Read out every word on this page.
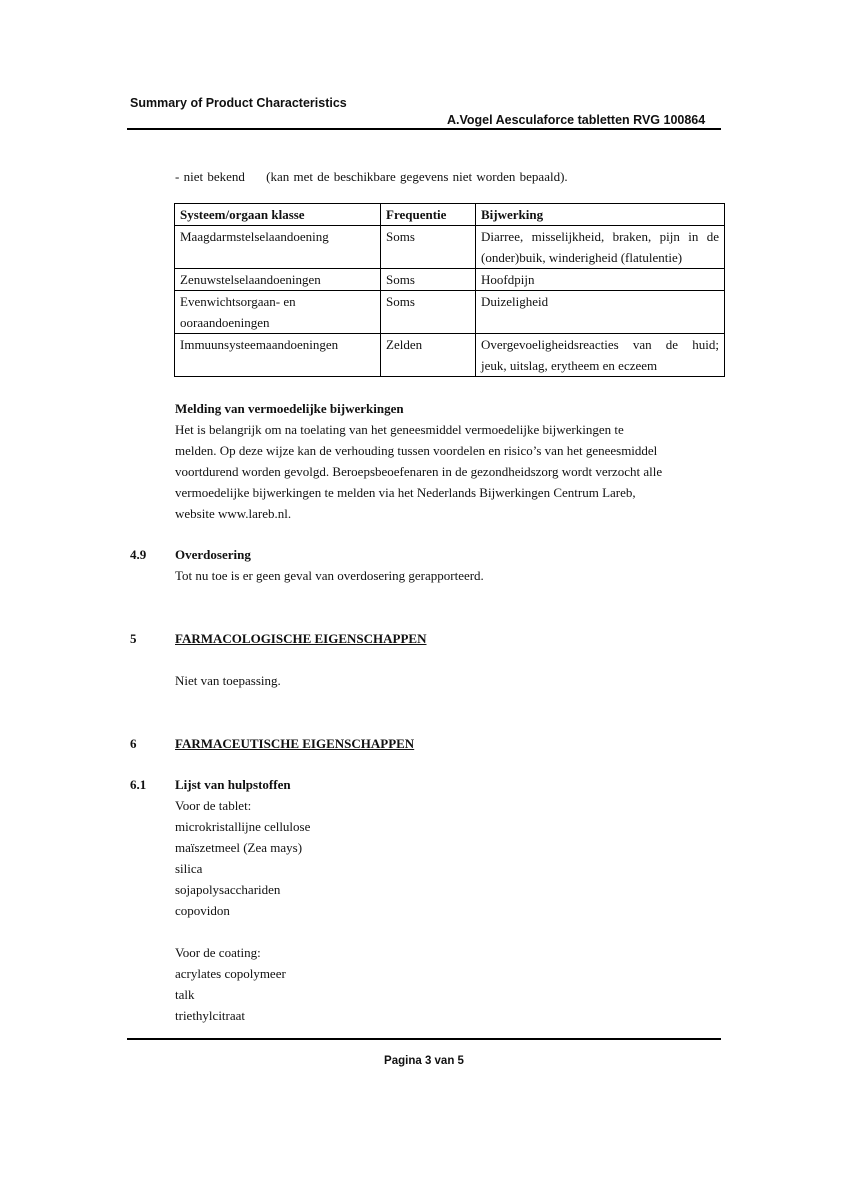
Summary of Product Characteristics
A.Vogel Aesculaforce tabletten RVG 100864
- niet bekend     (kan met de beschikbare gegevens niet worden bepaald).
Systeem/orgaan klasse	Frequentie	Bijwerking
Maagdarmstelselaandoening	Soms	Diarree, misselijkheid, braken, pijn in de
(onder)buik, winderigheid (flatulentie)

Zenuwstelselaandoeningen	Soms	Hoofdpijn

Evenwichtsorgaan- en
ooraandoeningen	Soms	Duizeligheid
Immuunsysteemaandoeningen	Zelden	Overgevoeligheidsreacties van de huid;
jeuk, uitslag, erytheem en eczeem
Melding van vermoedelijke bijwerkingen
Het is belangrijk om na toelating van het geneesmiddel vermoedelijke bijwerkingen te
melden. Op deze wijze kan de verhouding tussen voordelen en risico’s van het geneesmiddel
voortdurend worden gevolgd. Beroepsbeoefenaren in de gezondheidszorg wordt verzocht alle
vermoedelijke bijwerkingen te melden via het Nederlands Bijwerkingen Centrum Lareb,
website www.lareb.nl.
4.9 Overdosering
Tot nu toe is er geen geval van overdosering gerapporteerd.
5	FARMACOLOGISCHE EIGENSCHAPPEN
Niet van toepassing.
6	FARMACEUTISCHE EIGENSCHAPPEN
6.1 Lijst van hulpstoffen
Voor de tablet:
microkristallijne cellulose
maïszetmeel (Zea mays)
silica
sojapolysacchariden
copovidon
Voor de coating:
acrylates copolymeer
talk
triethylcitraat
Pagina 3 van 5
